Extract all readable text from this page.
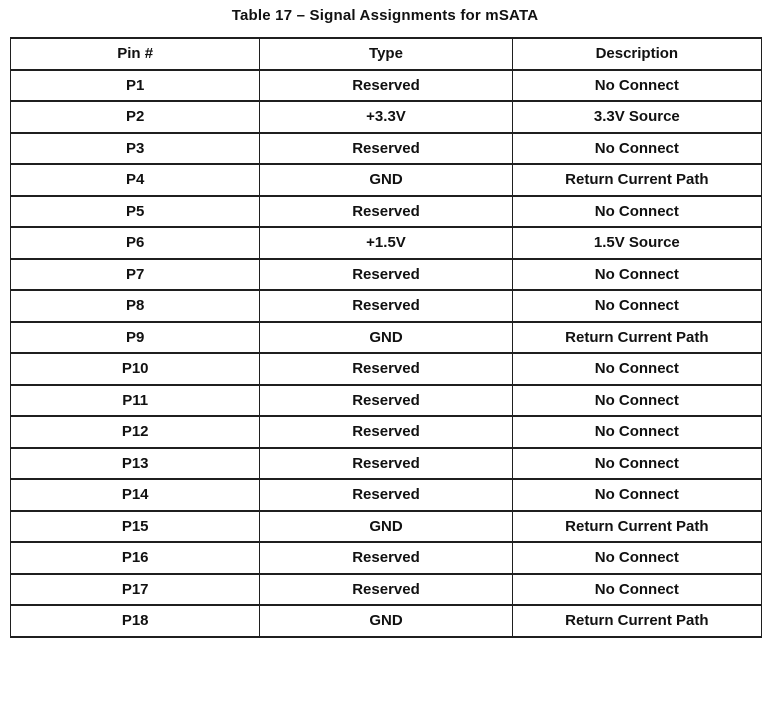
Table 17 – Signal Assignments for mSATA

Pin #	Type	Description
P1	Reserved	No Connect
P2	+3.3V	3.3V Source
P3	Reserved	No Connect
P4	GND	Return Current Path
P5	Reserved	No Connect
P6	+1.5V	1.5V Source
P7	Reserved	No Connect
P8	Reserved	No Connect
P9	GND	Return Current Path
P10	Reserved	No Connect
P11	Reserved	No Connect
P12	Reserved	No Connect
P13	Reserved	No Connect
P14	Reserved	No Connect
P15	GND	Return Current Path
P16	Reserved	No Connect
P17	Reserved	No Connect
P18	GND	Return Current Path
